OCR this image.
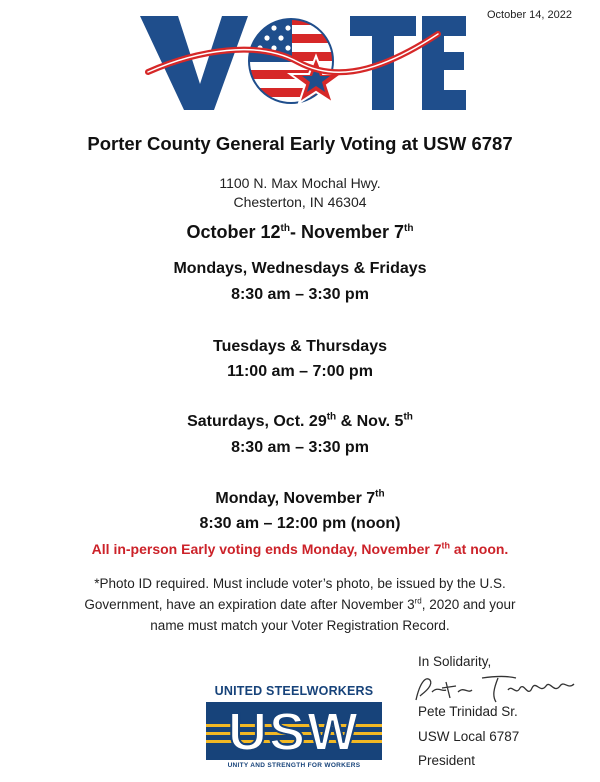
October 14, 2022
Porter County General Early Voting at USW 6787
1100 N. Max Mochal Hwy.
Chesterton, IN 46304
October 12th- November 7th
Mondays, Wednesdays & Fridays
8:30 am – 3:30 pm
Tuesdays & Thursdays
11:00 am – 7:00 pm
Saturdays, Oct. 29th & Nov. 5th
8:30 am – 3:30 pm
Monday, November 7th
8:30 am – 12:00 pm (noon)
All in-person Early voting ends Monday, November 7th at noon.
*Photo ID required. Must include voter’s photo, be issued by the U.S.
Government, have an expiration date after November 3rd, 2020 and your
name must match your Voter Registration Record.
In Solidarity,
Pete Trinidad Sr.
USW Local 6787
President
UNITED STEELWORKERS
USW
UNITY AND STRENGTH FOR WORKERS
